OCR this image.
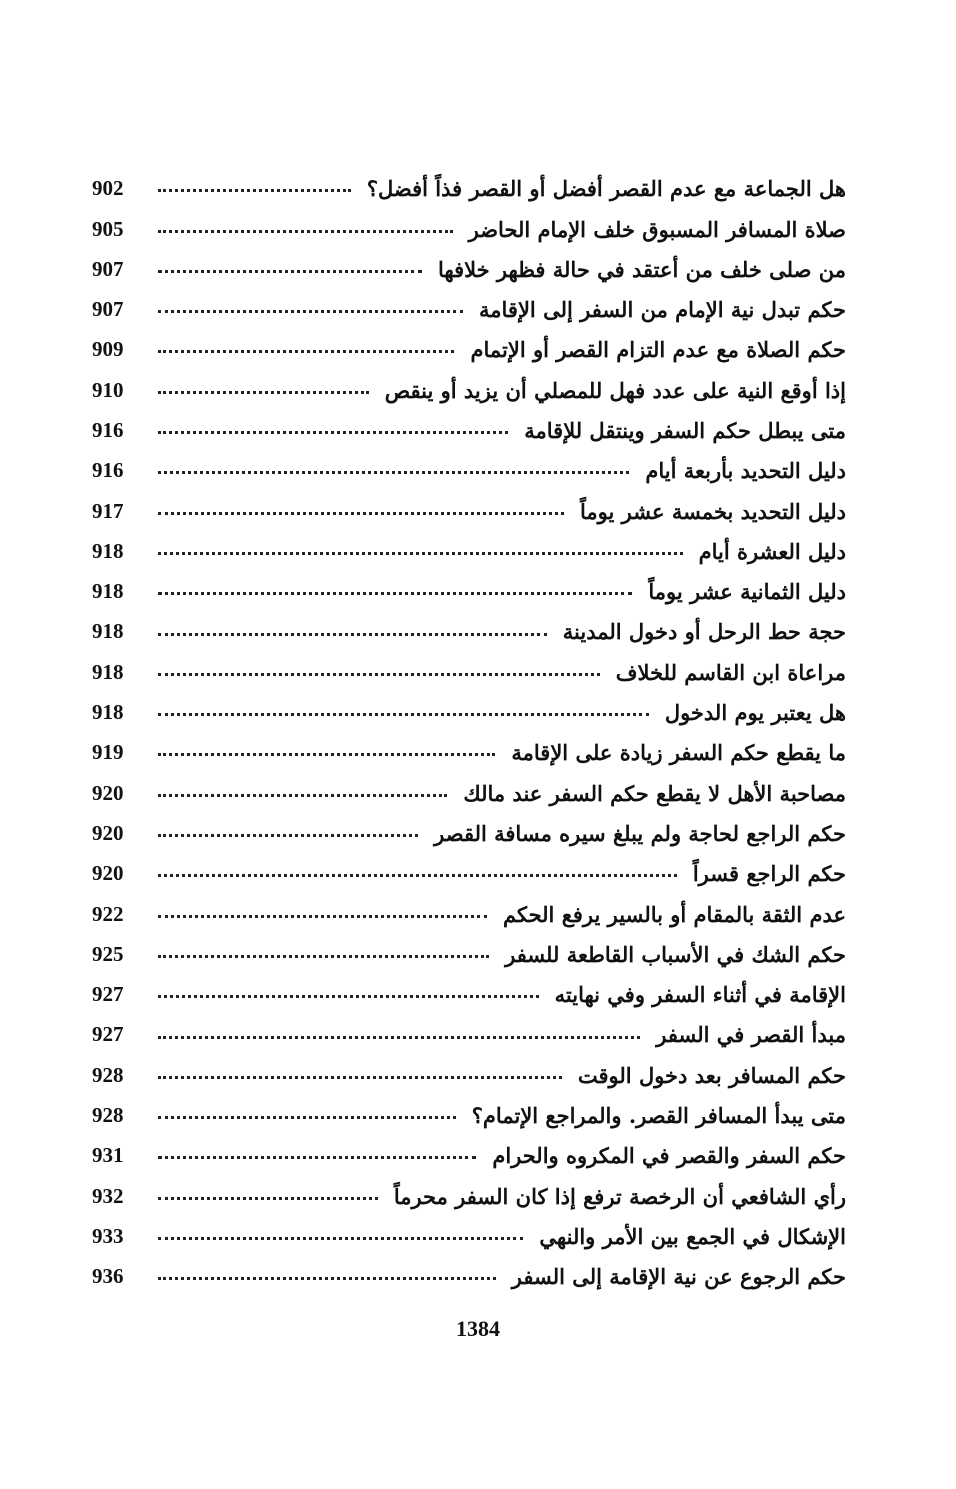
هل الجماعة مع عدم القصر أفضل أو القصر فذاً أفضل؟
902
صلاة المسافر المسبوق خلف الإمام الحاضر
905
من صلى خلف من أعتقد في حالة فظهر خلافها
907
حكم تبدل نية الإمام من السفر إلى الإقامة
907
حكم الصلاة مع عدم التزام القصر أو الإتمام
909
إذا أوقع النية على عدد فهل للمصلي أن يزيد أو ينقص
910
متى يبطل حكم السفر وينتقل للإقامة
916
دليل التحديد بأربعة أيام
916
دليل التحديد بخمسة عشر يوماً
917
دليل العشرة أيام
918
دليل الثمانية عشر يوماً
918
حجة حط الرحل أو دخول المدينة
918
مراعاة ابن القاسم للخلاف
918
هل يعتبر يوم الدخول
918
ما يقطع حكم السفر زيادة على الإقامة
919
مصاحبة الأهل لا يقطع حكم السفر عند مالك
920
حكم الراجع لحاجة ولم يبلغ سيره مسافة القصر
920
حكم الراجع قسراً
920
عدم الثقة بالمقام أو بالسير يرفع الحكم
922
حكم الشك في الأسباب القاطعة للسفر
925
الإقامة في أثناء السفر وفي نهايته
927
مبدأ القصر في السفر
927
حكم المسافر بعد دخول الوقت
928
متى يبدأ المسافر القصر. والمراجع الإتمام؟
928
حكم السفر والقصر في المكروه والحرام
931
رأي الشافعي أن الرخصة ترفع إذا كان السفر محرماً
932
الإشكال في الجمع بين الأمر والنهي
933
حكم الرجوع عن نية الإقامة إلى السفر
936
1384
